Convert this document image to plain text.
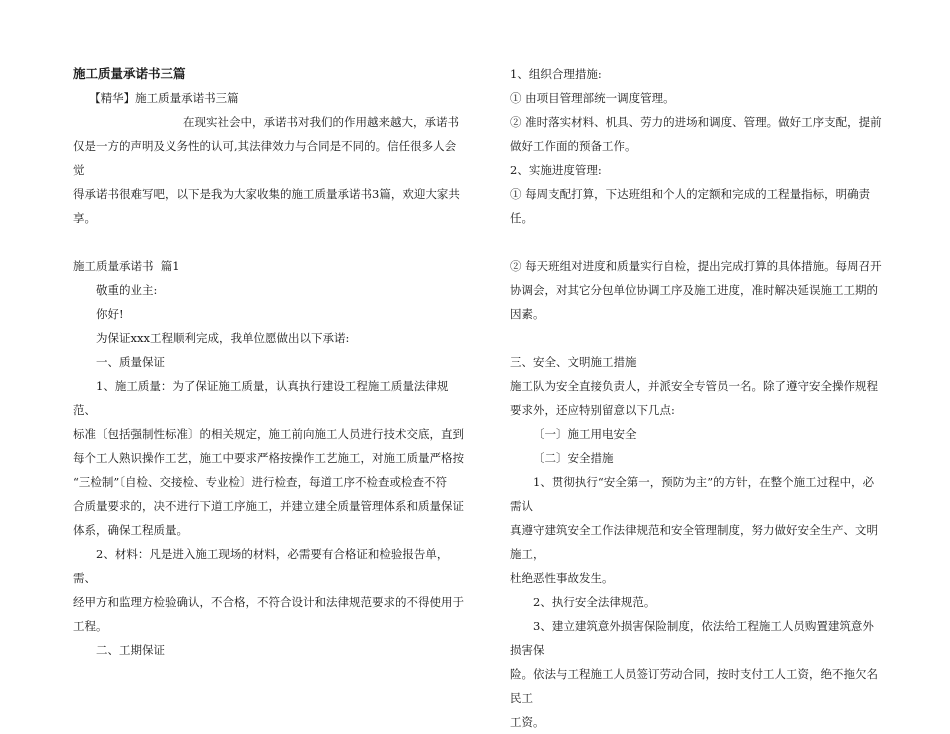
施工质量承诺书三篇

【精华】施工质量承诺书三篇

在现实社会中，承诺书对我们的作用越来越大，承诺书

仅是一方的声明及义务性的认可,其法律效力与合同是不同的。信任很多人会觉

得承诺书很难写吧，以下是我为大家收集的施工质量承诺书3篇，欢迎大家共

享。

施工质量承诺书  篇1

敬重的业主:

你好!

为保证xxx工程顺利完成，我单位愿做出以下承诺:

一、质量保证

1、施工质量：为了保证施工质量，认真执行建设工程施工质量法律规范、

标准〔包括强制性标准〕的相关规定，施工前向施工人员进行技术交底，直到

每个工人熟识操作工艺，施工中要求严格按操作工艺施工，对施工质量严格按

“三检制”〔自检、交接检、专业检〕进行检查，每道工序不检查或检查不符

合质量要求的，决不进行下道工序施工，并建立建全质量管理体系和质量保证

体系，确保工程质量。

2、材料：凡是进入施工现场的材料，必需要有合格证和检验报告单，需、

经甲方和监理方检验确认，不合格，不符合设计和法律规范要求的不得使用于

工程。

二、工期保证

1、组织合理措施:

① 由项目管理部统一调度管理。

② 准时落实材料、机具、劳力的进场和调度、管理。做好工序支配，提前

做好工作面的预备工作。

2、实施进度管理:

① 每周支配打算，下达班组和个人的定额和完成的工程量指标，明确责任。

② 每天班组对进度和质量实行自检，提出完成打算的具体措施。每周召开

协调会，对其它分包单位协调工序及施工进度，准时解决延误施工工期的因素。

三、安全、文明施工措施

施工队为安全直接负责人，并派安全专管员一名。除了遵守安全操作规程

要求外，还应特别留意以下几点:

〔一〕施工用电安全

〔二〕安全措施

1、贯彻执行“安全第一，预防为主”的方针，在整个施工过程中，必需认

真遵守建筑安全工作法律规范和安全管理制度，努力做好安全生产、文明施工，

杜绝恶性事故发生。

2、执行安全法律规范。

3、建立建筑意外损害保险制度，依法给工程施工人员购置建筑意外损害保

险。依法与工程施工人员签订劳动合同，按时支付工人工资，绝不拖欠名民工

工资。
